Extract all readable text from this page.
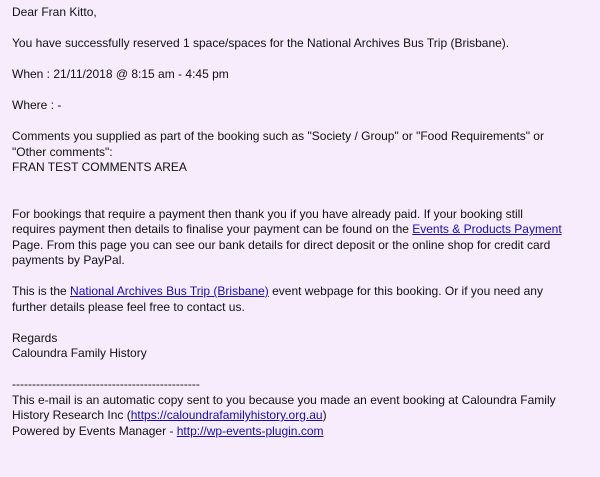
Dear Fran Kitto,

You have successfully reserved 1 space/spaces for the National Archives Bus Trip (Brisbane).

When : 21/11/2018 @ 8:15 am - 4:45 pm

Where : -

Comments you supplied as part of the booking such as "Society / Group" or "Food Requirements" or

"Other comments":

FRAN TEST COMMENTS AREA

For bookings that require a payment then thank you if you have already paid. If your booking still

requires payment then details to finalise your payment can be found on the Events & Products Payment

Page. From this page you can see our bank details for direct deposit or the online shop for credit card

payments by PayPal.

This is the National Archives Bus Trip (Brisbane) event webpage for this booking. Or if you need any

further details please feel free to contact us.

Regards

Caloundra Family History

-----------------------------------------------

This e-mail is an automatic copy sent to you because you made an event booking at Caloundra Family

History Research Inc (https://caloundrafamilyhistory.org.au)

Powered by Events Manager - http://wp-events-plugin.com
